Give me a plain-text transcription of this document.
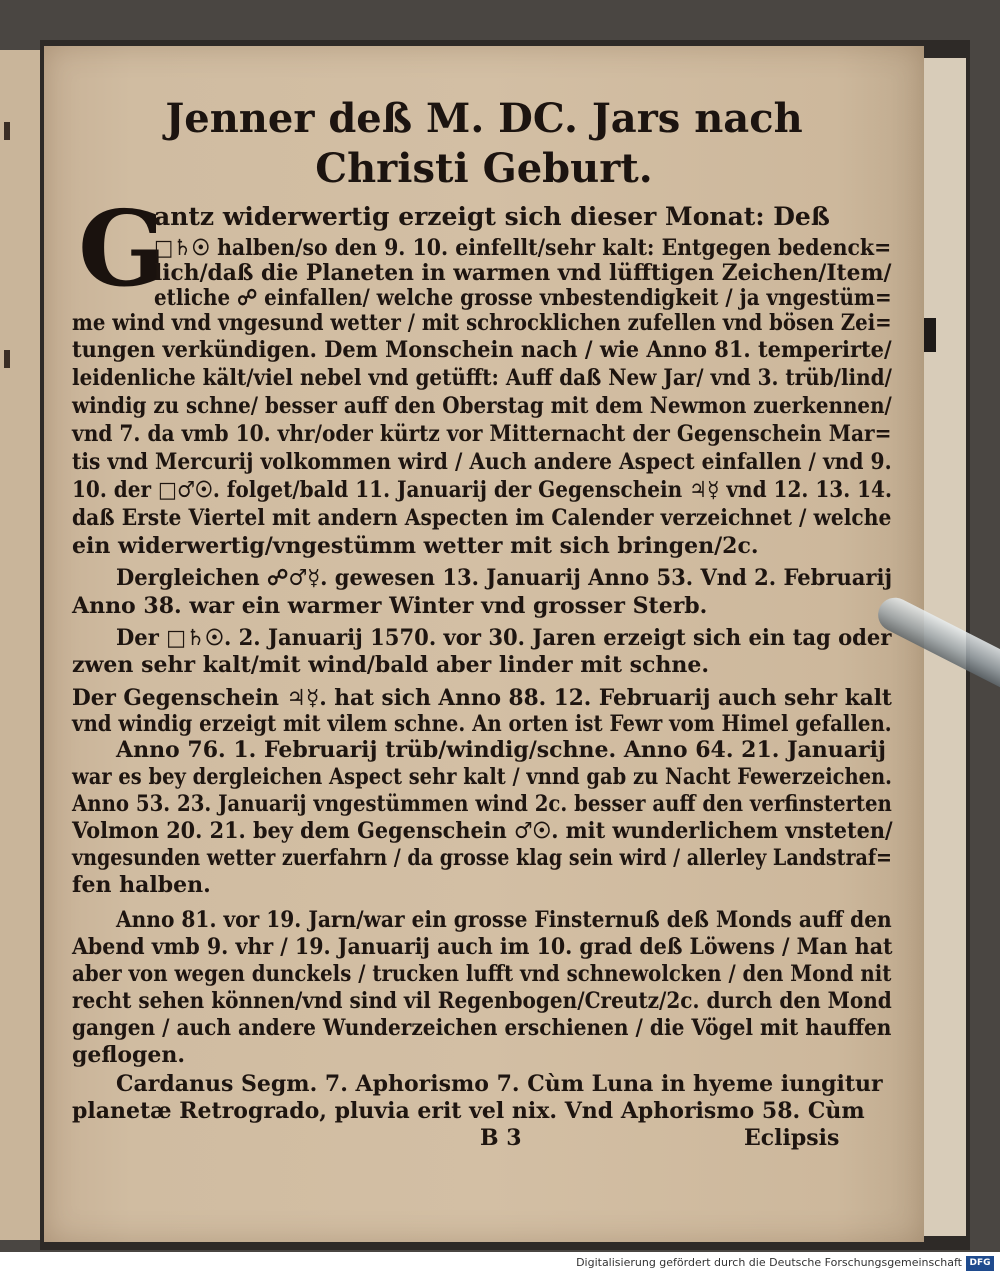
Jenner deß M. DC. Jars nach
Christi Geburt.
G
antz widerwertig erzeigt sich dieser Monat: Deß
□♄☉ halben/so den 9. 10. einfellt/sehr kalt: Entgegen bedenck=
lich/daß die Planeten in warmen vnd lüfftigen Zeichen/Item/
etliche ☍ einfallen/ welche grosse vnbestendigkeit / ja vngestüm=
me wind vnd vngesund wetter / mit schrocklichen zufellen vnd bösen Zei=
tungen verkündigen. Dem Monschein nach / wie Anno 81. temperirte/
leidenliche kält/viel nebel vnd getüfft: Auff daß New Jar/ vnd 3. trüb/lind/
windig zu schne/ besser auff den Oberstag mit dem Newmon zuerkennen/
vnd 7. da vmb 10. vhr/oder kürtz vor Mitternacht der Gegenschein Mar=
tis vnd Mercurij volkommen wird / Auch andere Aspect einfallen / vnd 9.
10. der □♂☉. folget/bald 11. Januarij der Gegenschein ♃☿ vnd 12. 13. 14.
daß Erste Viertel mit andern Aspecten im Calender verzeichnet / welche
ein widerwertig/vngestümm wetter mit sich bringen/2c.
Dergleichen ☍♂☿. gewesen 13. Januarij Anno 53. Vnd 2. Februarij
Anno 38. war ein warmer Winter vnd grosser Sterb.
Der □♄☉. 2. Januarij 1570. vor 30. Jaren erzeigt sich ein tag oder
zwen sehr kalt/mit wind/bald aber linder mit schne.
Der Gegenschein ♃☿. hat sich Anno 88. 12. Februarij auch sehr kalt
vnd windig erzeigt mit vilem schne. An orten ist Fewr vom Himel gefallen.
Anno 76. 1. Februarij trüb/windig/schne. Anno 64. 21. Januarij
war es bey dergleichen Aspect sehr kalt / vnnd gab zu Nacht Fewerzeichen.
Anno 53. 23. Januarij vngestümmen wind 2c. besser auff den verfinsterten
Volmon 20. 21. bey dem Gegenschein ♂☉. mit wunderlichem vnsteten/
vngesunden wetter zuerfahrn / da grosse klag sein wird / allerley Landstraf=
fen halben.
Anno 81. vor 19. Jarn/war ein grosse Finsternuß deß Monds auff den
Abend vmb 9. vhr / 19. Januarij auch im 10. grad deß Löwens / Man hat
aber von wegen dunckels / trucken lufft vnd schnewolcken / den Mond nit
recht sehen können/vnd sind vil Regenbogen/Creutz/2c. durch den Mond
gangen / auch andere Wunderzeichen erschienen / die Vögel mit hauffen
geflogen.
Cardanus Segm. 7. Aphorismo 7. Cùm Luna in hyeme iungitur
planetæ Retrogrado, pluvia erit vel nix. Vnd Aphorismo 58. Cùm
B 3	Eclipsis
Digitalisierung gefördert durch die Deutsche Forschungsgemeinschaft DFG
